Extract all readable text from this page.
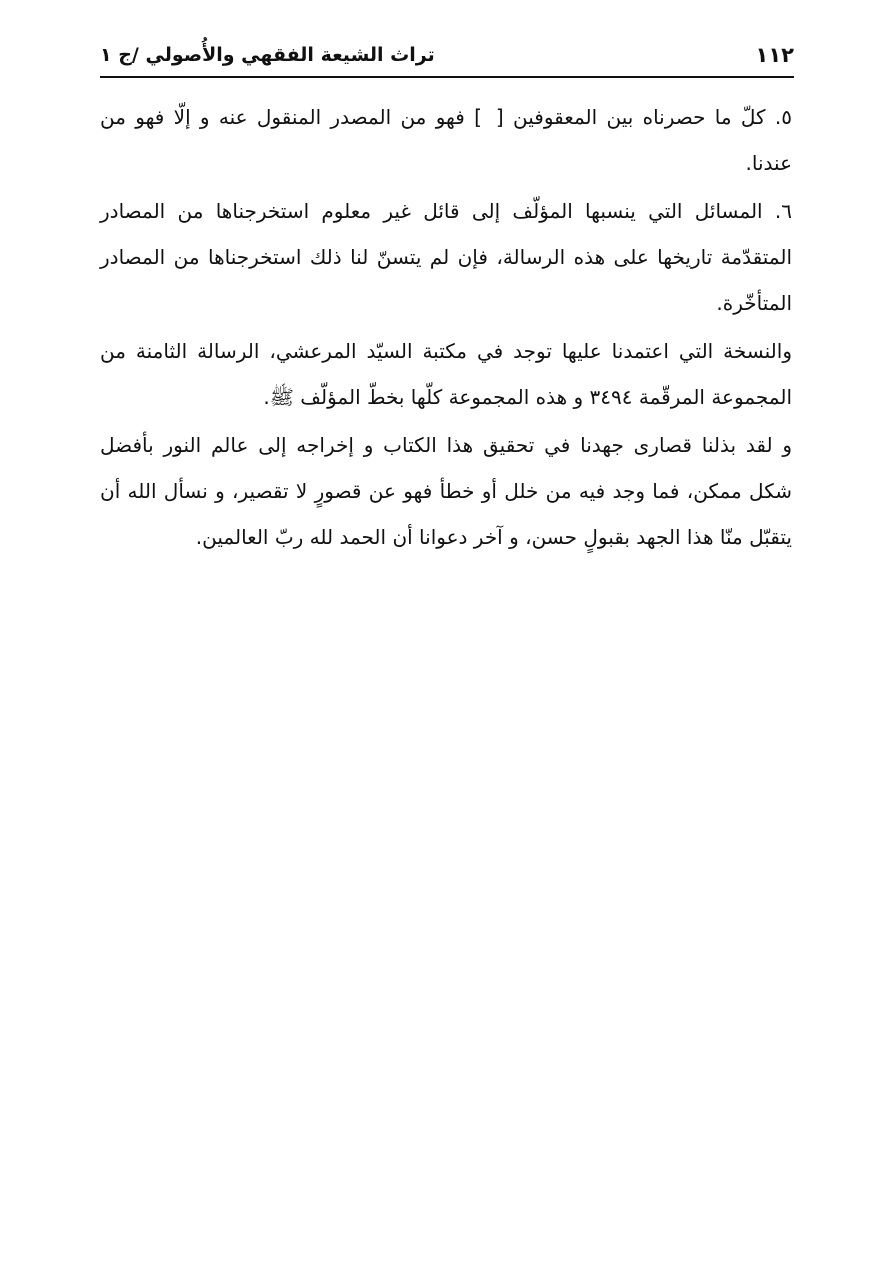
١١٢
تراث الشيعة الفقهي والأُصولي /ج ١

٥. كلّ ما حصرناه بين المعقوفين [] فهو من المصدر المنقول عنه و إلّا فهو من عندنا.

٦. المسائل التي ينسبها المؤلّف إلى قائل غير معلوم استخرجناها من المصادر المتقدّمة تاريخها على هذه الرسالة، فإن لم يتسنّ لنا ذلك استخرجناها من المصادر المتأخّرة.

والنسخة التي اعتمدنا عليها توجد في مكتبة السيّد المرعشي، الرسالة الثامنة من المجموعة المرقّمة ٣٤٩٤ و هذه المجموعة كلّها بخطّ المؤلّف ﷺ.

و لقد بذلنا قصارى جهدنا في تحقيق هذا الكتاب و إخراجه إلى عالم النور بأفضل شكل ممكن، فما وجد فيه من خلل أو خطأ فهو عن قصورٍ لا تقصير، و نسأل الله أن يتقبّل منّا هذا الجهد بقبولٍ حسن، و آخر دعوانا أن الحمد لله ربّ العالمين.
